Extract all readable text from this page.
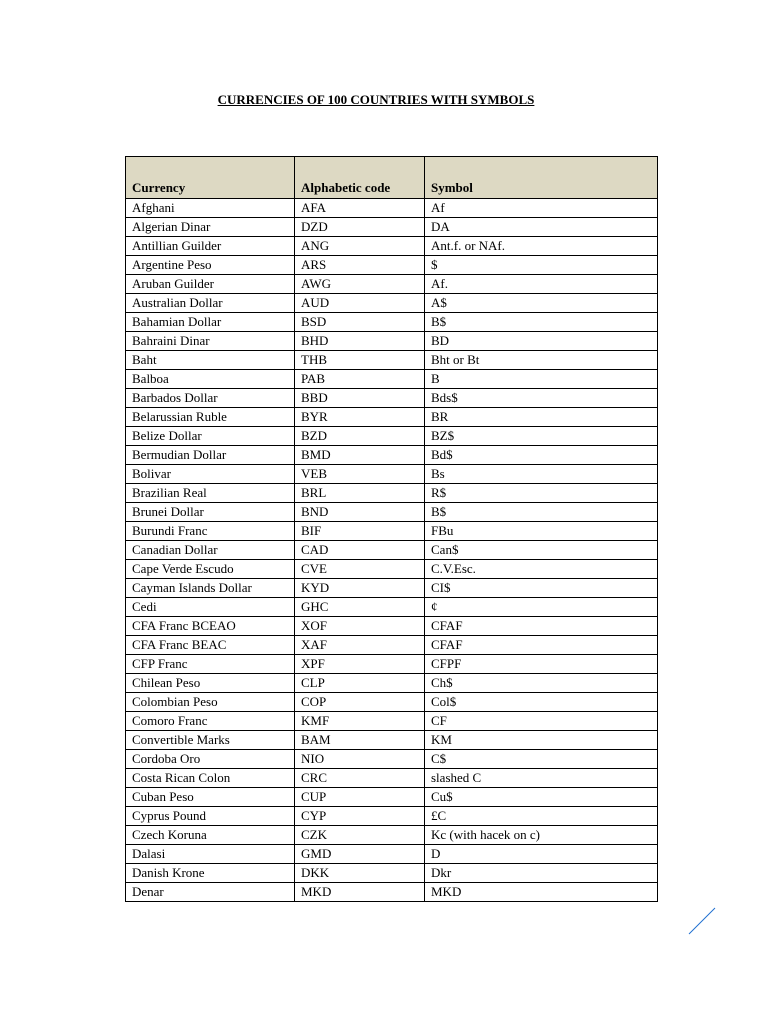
CURRENCIES OF 100 COUNTRIES WITH SYMBOLS
Currency	Alphabetic code	Symbol
Afghani	AFA	Af
Algerian Dinar	DZD	DA
Antillian Guilder	ANG	Ant.f. or NAf.
Argentine Peso	ARS	$
Aruban Guilder	AWG	Af.
Australian Dollar	AUD	A$
Bahamian Dollar	BSD	B$
Bahraini Dinar	BHD	BD
Baht	THB	Bht or Bt
Balboa	PAB	B
Barbados Dollar	BBD	Bds$
Belarussian Ruble	BYR	BR
Belize Dollar	BZD	BZ$
Bermudian Dollar	BMD	Bd$
Bolivar	VEB	Bs
Brazilian Real	BRL	R$
Brunei Dollar	BND	B$
Burundi Franc	BIF	FBu
Canadian Dollar	CAD	Can$
Cape Verde Escudo	CVE	C.V.Esc.
Cayman Islands Dollar	KYD	CI$
Cedi	GHC	¢
CFA Franc BCEAO	XOF	CFAF
CFA Franc BEAC	XAF	CFAF
CFP Franc	XPF	CFPF
Chilean Peso	CLP	Ch$
Colombian Peso	COP	Col$
Comoro Franc	KMF	CF
Convertible Marks	BAM	KM
Cordoba Oro	NIO	C$
Costa Rican Colon	CRC	slashed C
Cuban Peso	CUP	Cu$
Cyprus Pound	CYP	£C
Czech Koruna	CZK	Kc (with hacek on c)
Dalasi	GMD	D
Danish Krone	DKK	Dkr
Denar	MKD	MKD
